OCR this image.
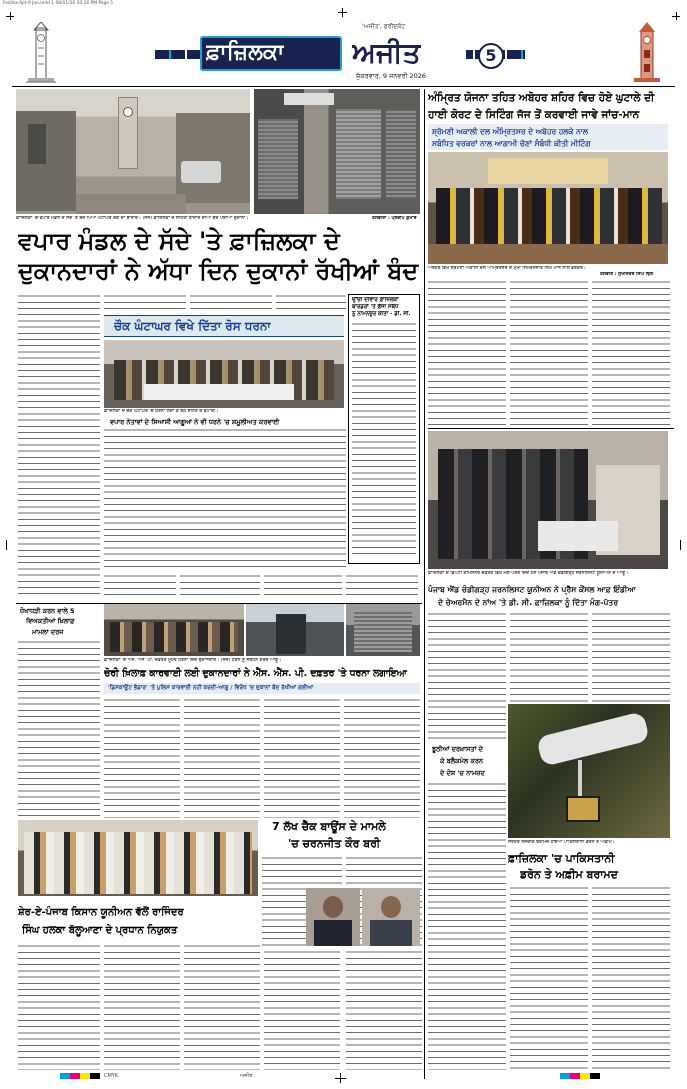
Fazilka-Ajit-9 Jan.indd 1 08/01/26 10:16 PM Page 1
ਫ਼ਾਜ਼ਿਲਕਾ ਅਜੀਤ
'ਅਜੀਤ', ਫ਼ਰੀਦਕੋਟ
ਸ਼ੁੱਕਰਵਾਰ, 9 ਜਨਵਰੀ 2026
5
ਫ਼ਾਜ਼ਿਲਕਾ 'ਚ ਵਪਾਰ ਮੰਡਲ ਦੇ ਸੱਦੇ 'ਤੇ ਬੰਦ ਪਿਆ ਘੰਟਾਘਰ ਚੌਂਕ ਦਾ ਬਾਜ਼ਾਰ। (ਸੱਜੇ) ਫ਼ਾਜ਼ਿਲਕਾ ਦੇ ਸ਼ਹਿਰੀ ਬਾਜ਼ਾਰ ਦੀਆਂ ਬੰਦ ਪਈਆਂ ਦੁਕਾਨਾਂ।	ਤਸਵੀਰਾਂ : ਪ੍ਰਦੀਪ ਕੁਮਾਰ
ਵਪਾਰ ਮੰਡਲ ਦੇ ਸੱਦੇ 'ਤੇ ਫ਼ਾਜ਼ਿਲਕਾ ਦੇ
ਦੁਕਾਨਦਾਰਾਂ ਨੇ ਅੱਧਾ ਦਿਨ ਦੁਕਾਨਾਂ ਰੱਖੀਆਂ ਬੰਦ
ਚੌਕ ਘੰਟਾਘਰ ਵਿਖੇ ਦਿੱਤਾ ਰੋਸ ਧਰਨਾ
ਫ਼ਾਜ਼ਿਲਕਾ ਦੇ ਚੌਕ ਘੰਟਾਘਰ 'ਚ ਧਰਨਾ ਲਗਾ ਕੇ ਬੈਠੇ ਸ਼ਹਿਰ ਦੇ ਵਪਾਰੀ।
ਵਪਾਰ ਨੇਤਾਵਾਂ ਦੇ ਸਿਆਸੀ ਆਗੂਆਂ ਨੇ ਵੀ ਧਰਨੇ 'ਚ ਸ਼ਮੂਲੀਅਤ ਕਰਵਾਈ
ਉੱਚੀ ਦੀਵਾਰ ਫ਼ਾਜ਼ਿਲਕਾ
ਬਾਰਡਰਾਂ 'ਤੇ ਫ਼ੌਜੀ ਸਬੰਧ
ਨੂੰ ਨਾਮਨਜ਼ੂਰ ਕੀਤਾ - ਡੀ. ਸੀ.
ਅੰਮ੍ਰਿਤ ਯੋਜਨਾ ਤਹਿਤ ਅਬੋਹਰ ਸ਼ਹਿਰ ਵਿਚ ਹੋਏ ਘੁਟਾਲੇ ਦੀ
ਹਾਈ ਕੋਰਟ ਦੇ ਸਿਟਿੰਗ ਜੱਜ ਤੋਂ ਕਰਵਾਈ ਜਾਵੇ ਜਾਂਚ-ਮਾਨ
ਸ਼੍ਰੋਮਣੀ ਅਕਾਲੀ ਦਲ ਅੰਮ੍ਰਿਤਸਰ ਦੇ ਅਬੋਹਰ ਹਲਕੇ ਨਾਲ
ਸਬੰਧਿਤ ਵਰਕਰਾਂ ਨਾਲ ਆਗਾਮੀ ਚੋਣਾਂ ਸੰਬੰਧੀ ਕੀਤੀ ਮੀਟਿੰਗ
ਅਬੋਹਰ ਵਿਖੇ ਸ਼੍ਰੋਮਣੀ ਅਕਾਲੀ ਦਲ ਅੰਮ੍ਰਿਤਸਰ ਦੇ ਮੁਖੀ ਸਿਮਰਨਜੀਤ ਸਿੰਘ ਮਾਨ ਨਾਲ ਵਰਕਰ।
ਤਸਵੀਰ : ਸੁਖਜਿੰਦਰ ਸਿੰਘ ਢਿੱਲੋਂ
ਫ਼ਾਜ਼ਿਲਕਾ ਦੇ ਡਿਪਟੀ ਕਮਿਸ਼ਨਰ ਦਫ਼ਤਰ ਵਿਖੇ ਮੰਗ-ਪੱਤਰ ਦਿੰਦੇ ਹੋਏ ਪੰਜਾਬ ਐਂਡ ਚੰਡੀਗੜ੍ਹ ਜਰਨਲਿਸਟ ਯੂਨੀਅਨ ਦੇ ਆਗੂ।
ਪੰਜਾਬ ਐਂਡ ਚੰਡੀਗੜ੍ਹ ਜਰਨਲਿਸਟ ਯੂਨੀਅਨ ਨੇ ਪ੍ਰੈੱਸ ਕੌਂਸਲ ਆਫ਼ ਇੰਡੀਆ
ਦੇ ਚੇਅਰਮੈਨ ਦੇ ਨਾਂਅ 'ਤੇ ਡੀ. ਸੀ. ਫ਼ਾਜ਼ਿਲਕਾ ਨੂੰ ਦਿੱਤਾ ਮੰਗ-ਪੱਤਰ
ਸਰਹੱਦ ਨਜ਼ਦੀਕ ਬਰਾਮਦ ਹੋਇਆ ਪਾਕਿਸਤਾਨੀ ਡਰੋਨ ਤੇ ਅਫ਼ੀਮ।
ਝੂਠੀਆਂ ਦਰਖ਼ਾਸਤਾਂ ਦੇ
ਕੇ ਬਲੈਕਮੇਲ ਕਰਨ
ਦੇ ਦੋਸ਼ 'ਚ ਨਾਮਜ਼ਦ
ਫ਼ਾਜ਼ਿਲਕਾ 'ਚ ਪਾਕਿਸਤਾਨੀ
ਡਰੋਨ ਤੇ ਅਫ਼ੀਮ ਬਰਾਮਦ
ਧੋਖਾਧੜੀ ਕਰਨ ਵਾਲੇ 5
ਵਿਅਕਤੀਆਂ ਖ਼ਿਲਾਫ਼
ਮਾਮਲਾ ਦਰਜ
ਫ਼ਾਜ਼ਿਲਕਾ 'ਚ ਐੱਸ. ਐੱਸ. ਪੀ. ਦਫ਼ਤਰ ਮੂਹਰੇ ਧਰਨਾ ਦਿੰਦੇ ਦੁਕਾਨਦਾਰ। (ਸੱਜੇ) ਧਰਨੇ ਨੂੰ ਸੰਬੋਧਨ ਕਰਦੇ ਆਗੂ।
ਚੋਰੀ ਖ਼ਿਲਾਫ਼ ਕਾਰਵਾਈ ਲਈ ਦੁਕਾਨਦਾਰਾਂ ਨੇ ਐੱਸ. ਐੱਸ. ਪੀ. ਦਫ਼ਤਰ 'ਤੇ ਧਰਨਾ ਲਗਾਇਆ
'ਡਿਸਕਾਊਂਟ ਭੰਡਾਰ' 'ਤੇ ਪੁਲਿਸ ਕਾਰਵਾਈ ਨਹੀਂ ਕਰਦੀ-ਆਗੂ / ਵਿਰੋਧ 'ਚ ਦੁਕਾਨਾਂ ਬੰਦ ਰੱਖੀਆਂ ਗਈਆਂ
7 ਲੱਖ ਚੈੱਕ ਬਾਊਂਸ ਦੇ ਮਾਮਲੇ
'ਚ ਚਰਨਜੀਤ ਕੌਰ ਬਰੀ
ਸ਼ੇਰ-ਏ-ਪੰਜਾਬ ਕਿਸਾਨ ਯੂਨੀਅਨ ਵੱਲੋਂ ਰਾਜਿੰਦਰ
ਸਿੰਘ ਹਲਕਾ ਬੱਲੂਆਣਾ ਦੇ ਪ੍ਰਧਾਨ ਨਿਯੁਕਤ
CMYK	ਅਜੀਤ
